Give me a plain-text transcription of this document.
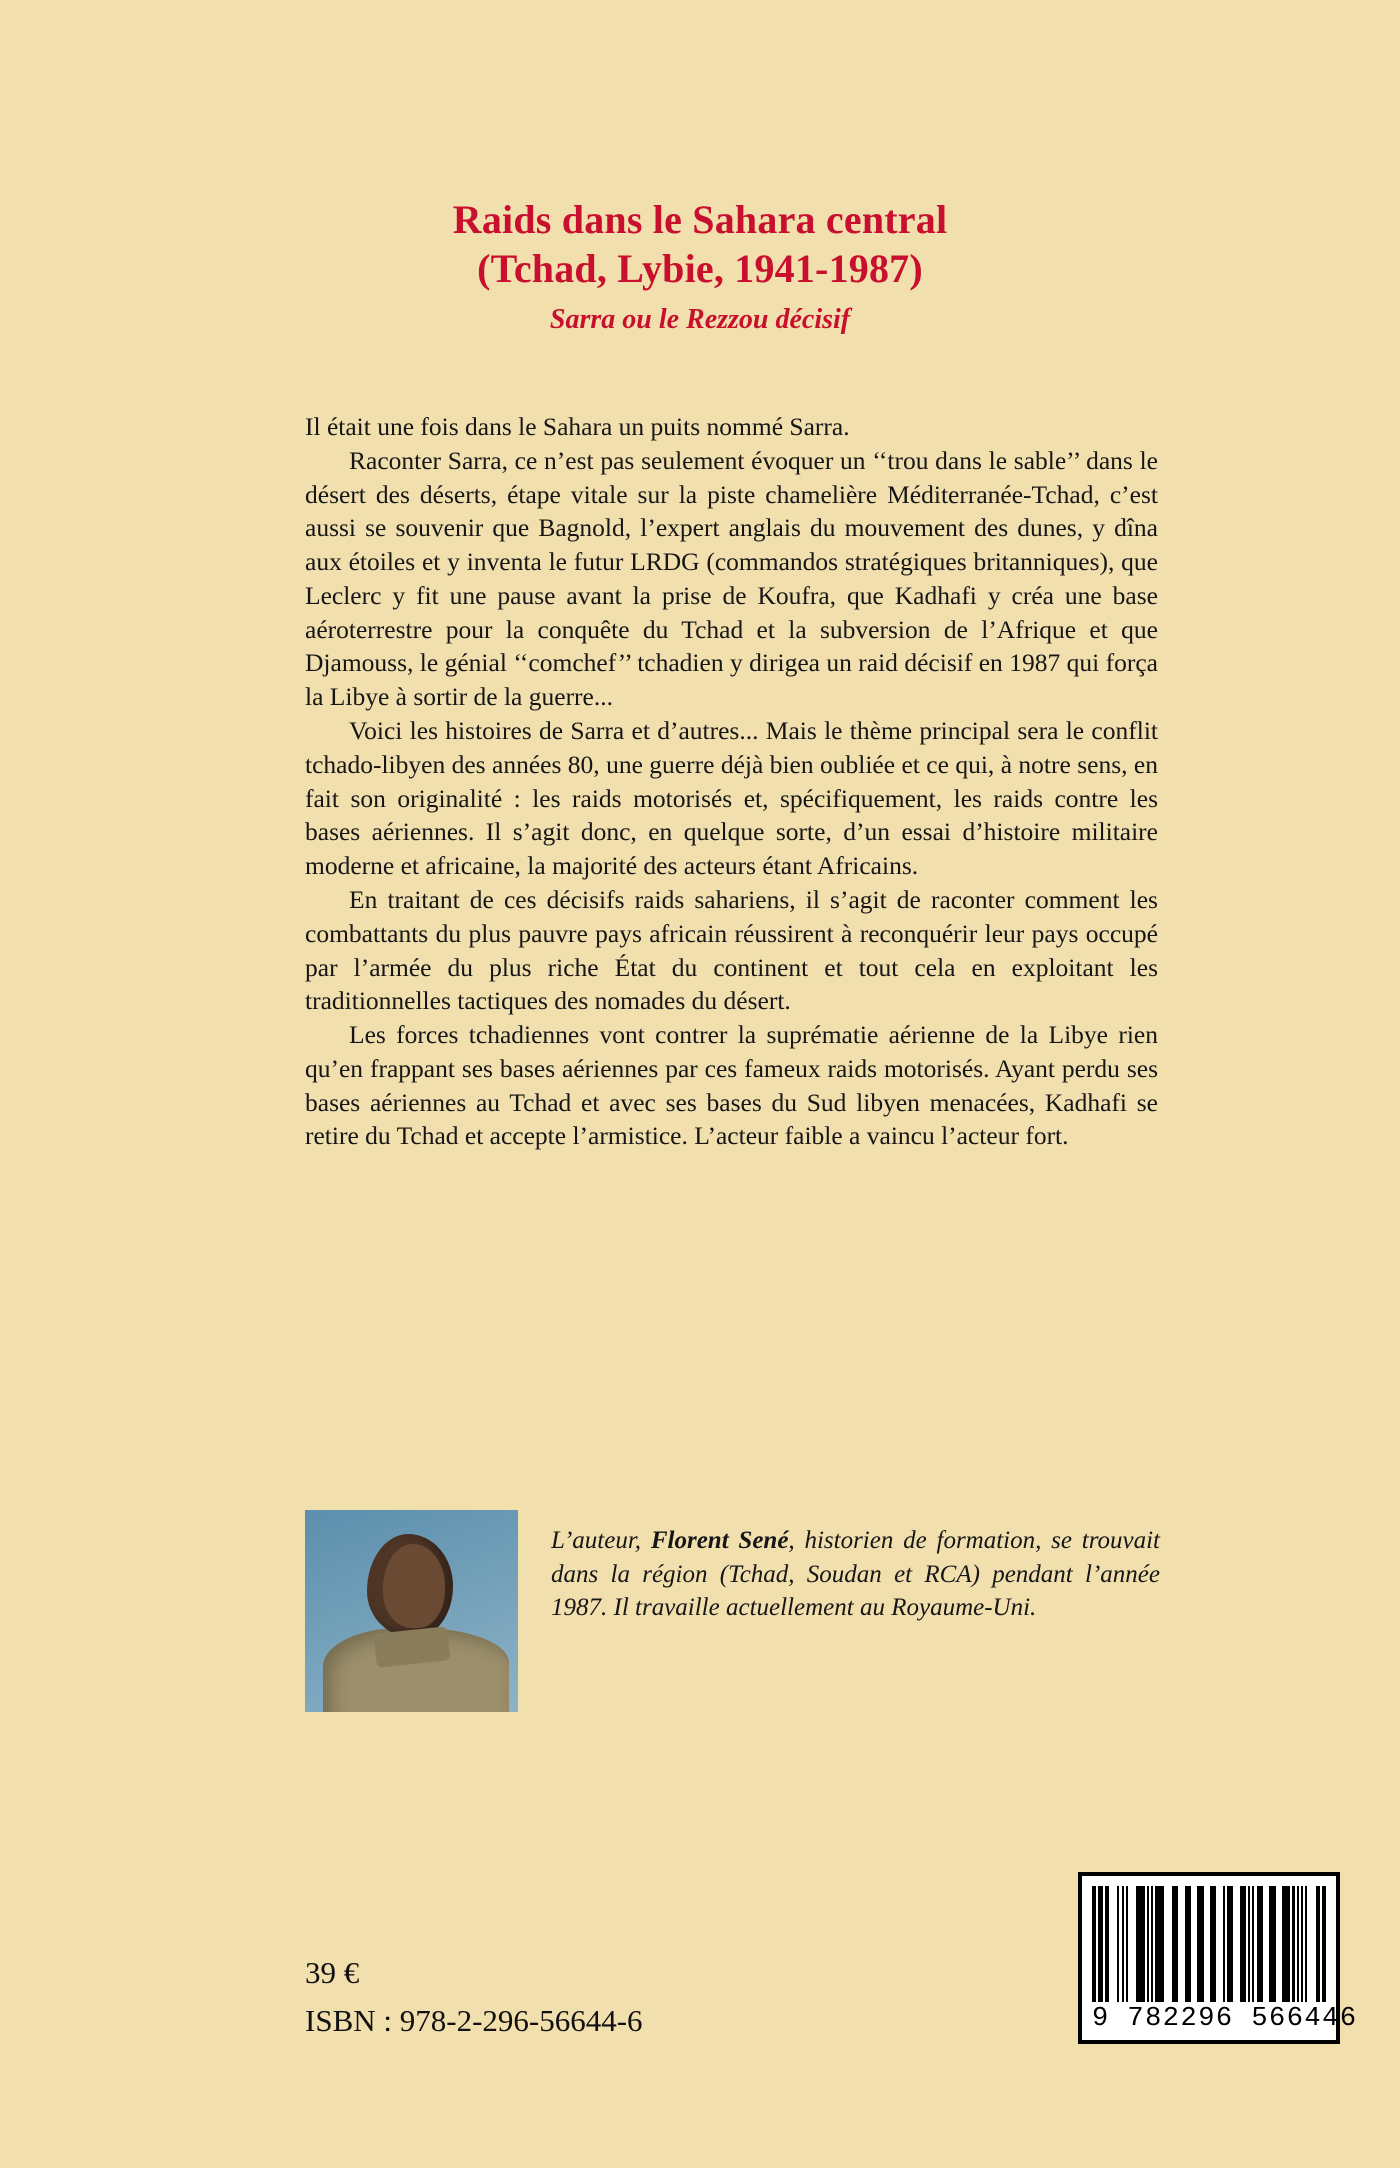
Raids dans le Sahara central
(Tchad, Lybie, 1941-1987)
Sarra ou le Rezzou décisif

Il était une fois dans le Sahara un puits nommé Sarra.

Raconter Sarra, ce n’est pas seulement évoquer un ‘‘trou dans le sable’’ dans le désert des déserts, étape vitale sur la piste chamelière Méditerranée-Tchad, c’est aussi se souvenir que Bagnold, l’expert anglais du mouvement des dunes, y dîna aux étoiles et y inventa le futur LRDG (commandos stratégiques britanniques), que Leclerc y fit une pause avant la prise de Koufra, que Kadhafi y créa une base aéroterrestre pour la conquête du Tchad et la subversion de l’Afrique et que Djamouss, le génial ‘‘comchef’’ tchadien y dirigea un raid décisif en 1987 qui força la Libye à sortir de la guerre...

Voici les histoires de Sarra et d’autres... Mais le thème principal sera le conflit tchado-libyen des années 80, une guerre déjà bien oubliée et ce qui, à notre sens, en fait son originalité : les raids motorisés et, spécifiquement, les raids contre les bases aériennes. Il s’agit donc, en quelque sorte, d’un essai d’histoire militaire moderne et africaine, la majorité des acteurs étant Africains.

En traitant de ces décisifs raids sahariens, il s’agit de raconter comment les combattants du plus pauvre pays africain réussirent à reconquérir leur pays occupé par l’armée du plus riche État du continent et tout cela en exploitant les traditionnelles tactiques des nomades du désert.

Les forces tchadiennes vont contrer la suprématie aérienne de la Libye rien qu’en frappant ses bases aériennes par ces fameux raids motorisés. Ayant perdu ses bases aériennes au Tchad et avec ses bases du Sud libyen menacées, Kadhafi se retire du Tchad et accepte l’armistice. L’acteur faible a vaincu l’acteur fort.

L’auteur, Florent Sené, historien de formation, se trouvait dans la région (Tchad, Soudan et RCA) pendant l’année 1987. Il travaille actuellement au Royaume-Uni.
39 €
ISBN : 978-2-296-56644-6	9 782296 566446
